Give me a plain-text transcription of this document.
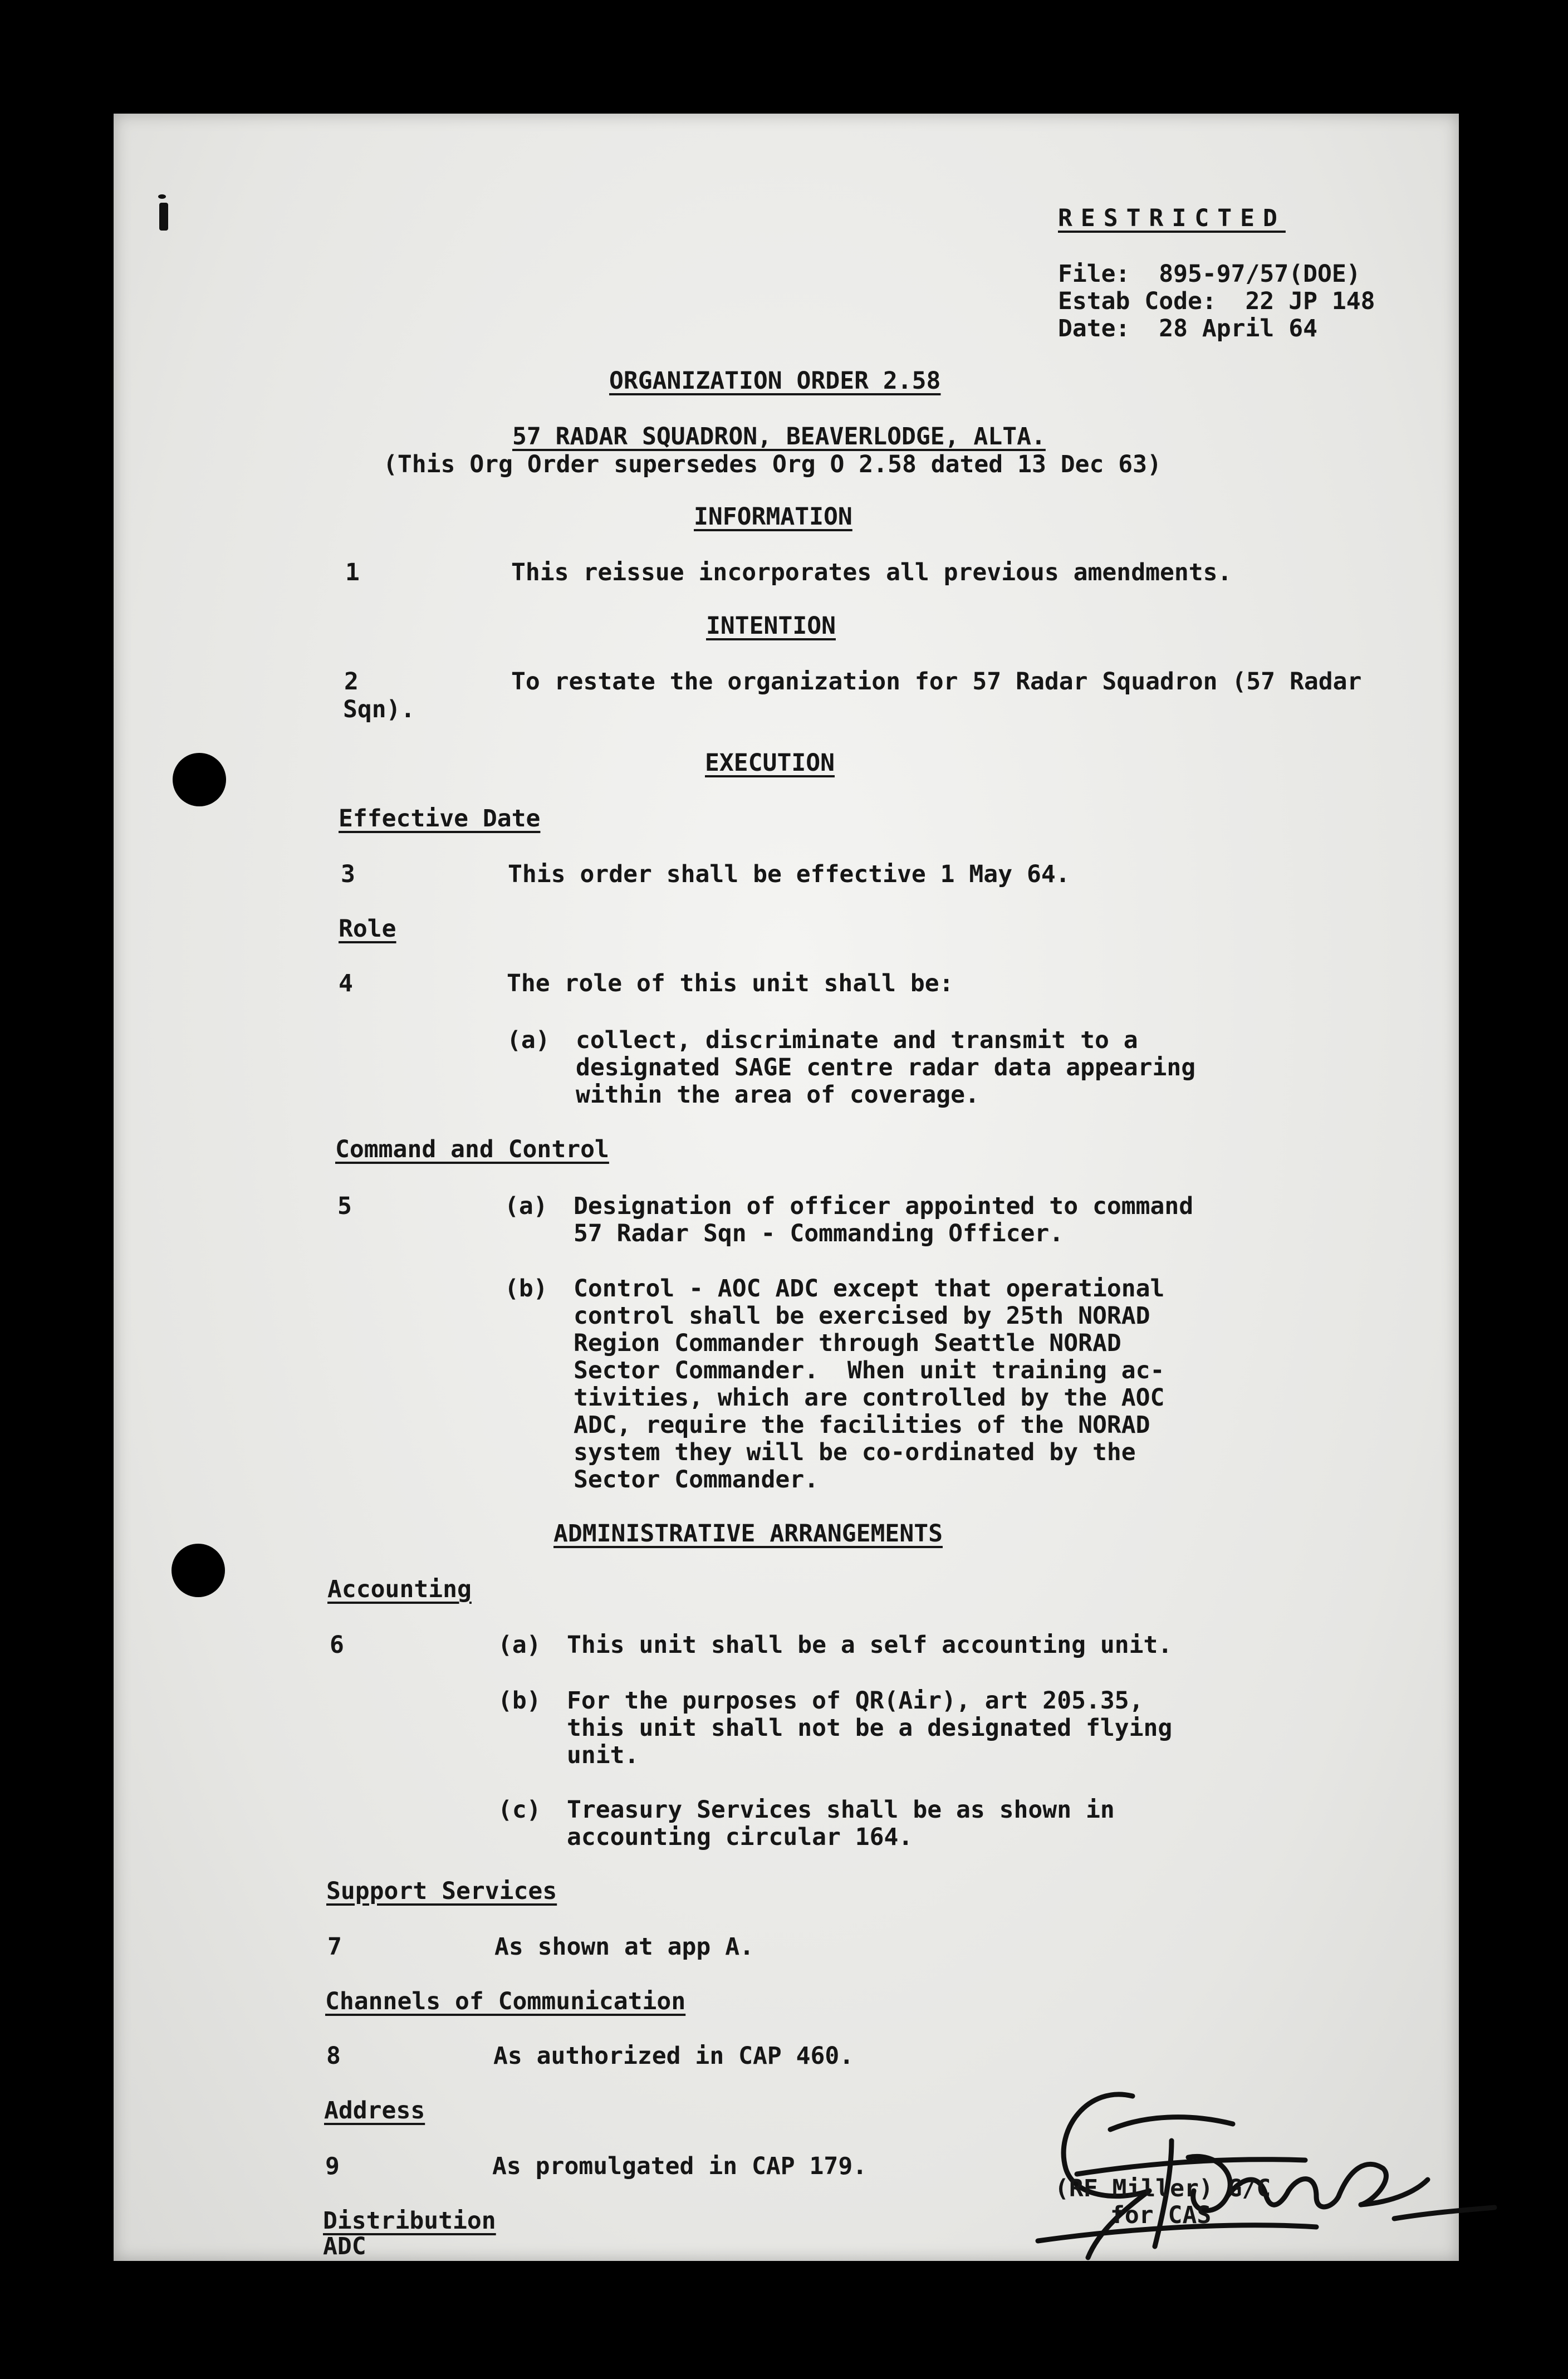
RESTRICTED
File:  895-97/57(DOE)
Estab Code:  22 JP 148
Date:  28 April 64
ORGANIZATION ORDER 2.58
57 RADAR SQUADRON, BEAVERLODGE, ALTA.
(This Org Order supersedes Org O 2.58 dated 13 Dec 63)
INFORMATION
1	This reissue incorporates all previous amendments.
INTENTION
2	To restate the organization for 57 Radar Squadron (57 Radar
Sqn).
EXECUTION
Effective Date
3	This order shall be effective 1 May 64.
Role
4	The role of this unit shall be:
(a) collect, discriminate and transmit to a
designated SAGE centre radar data appearing
within the area of coverage.
Command and Control
5	(a) Designation of officer appointed to command
57 Radar Sqn - Commanding Officer.
(b) Control - AOC ADC except that operational
control shall be exercised by 25th NORAD
Region Commander through Seattle NORAD
Sector Commander.  When unit training ac-
tivities, which are controlled by the AOC
ADC, require the facilities of the NORAD
system they will be co-ordinated by the
Sector Commander.
ADMINISTRATIVE ARRANGEMENTS
Accounting
6	(a) This unit shall be a self accounting unit.
(b) For the purposes of QR(Air), art 205.35,
this unit shall not be a designated flying
unit.
(c) Treasury Services shall be as shown in
accounting circular 164.
Support Services
7	As shown at app A.
Channels of Communication
8	As authorized in CAP 460.
Address
9	As promulgated in CAP 179.
Distribution
ADC
(RF Miller) G/C
for CAS
